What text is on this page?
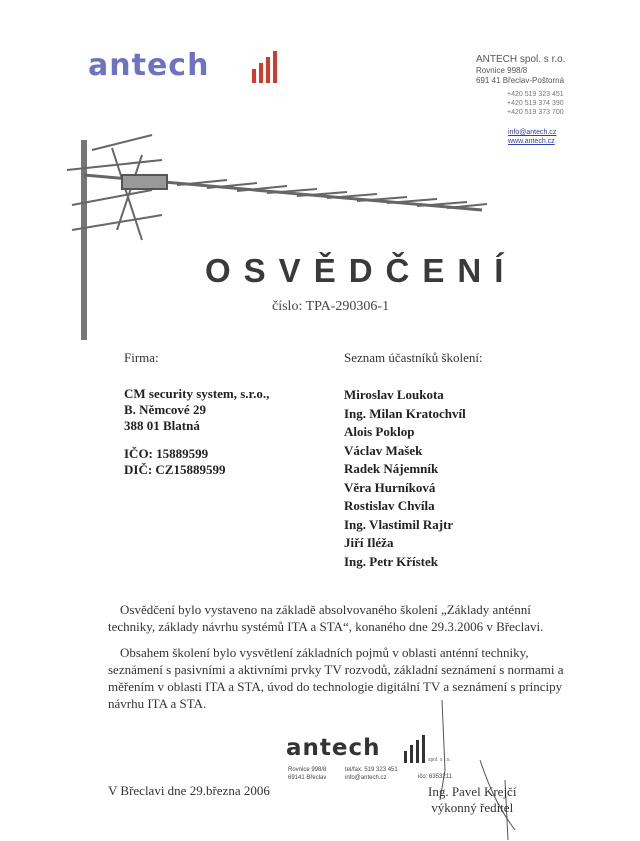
antech	ANTECH spol. s r.o.
Rovnice 998/8
691 41 Břeclav-Poštorná
+420 519 323 451
+420 519 374 390
+420 519 373 700
info@antech.cz
www.antech.cz
OSVĚDČENÍ
číslo: TPA-290306-1
Firma:
CM security system, s.r.o.,
B. Němcové 29
388 01 Blatná
IČO: 15889599
DIČ: CZ15889599
Seznam účastníků školení:
Miroslav Loukota
Ing. Milan Kratochvíl
Alois Poklop
Václav Mašek
Radek Nájemník
Věra Hurníková
Rostislav Chvíla
Ing. Vlastimil Rajtr
Jiří Iléža
Ing. Petr Křístek
Osvědčení bylo vystaveno na základě absolvovaného školení „Základy anténní techniky, základy návrhu systémů ITA a STA“, konaného dne 29.3.2006 v Břeclavi.
Obsahem školení bylo vysvětlení základních pojmů v oblasti anténní techniky, seznámení s pasivními a aktivními prvky TV rozvodů, základní seznámení s normami a měřením v oblasti ITA a STA, úvod do technologie digitální TV a seznámení s principy návrhu ITA a STA.
antech	spol. s r.o.
Rovnice 998/8
69141 Břeclav
tel/fax: 519 323 451
info@antech.cz	ičo: 6353211
V Břeclavi dne 29.března 2006	Ing. Pavel Krejčí
výkonný ředitel
